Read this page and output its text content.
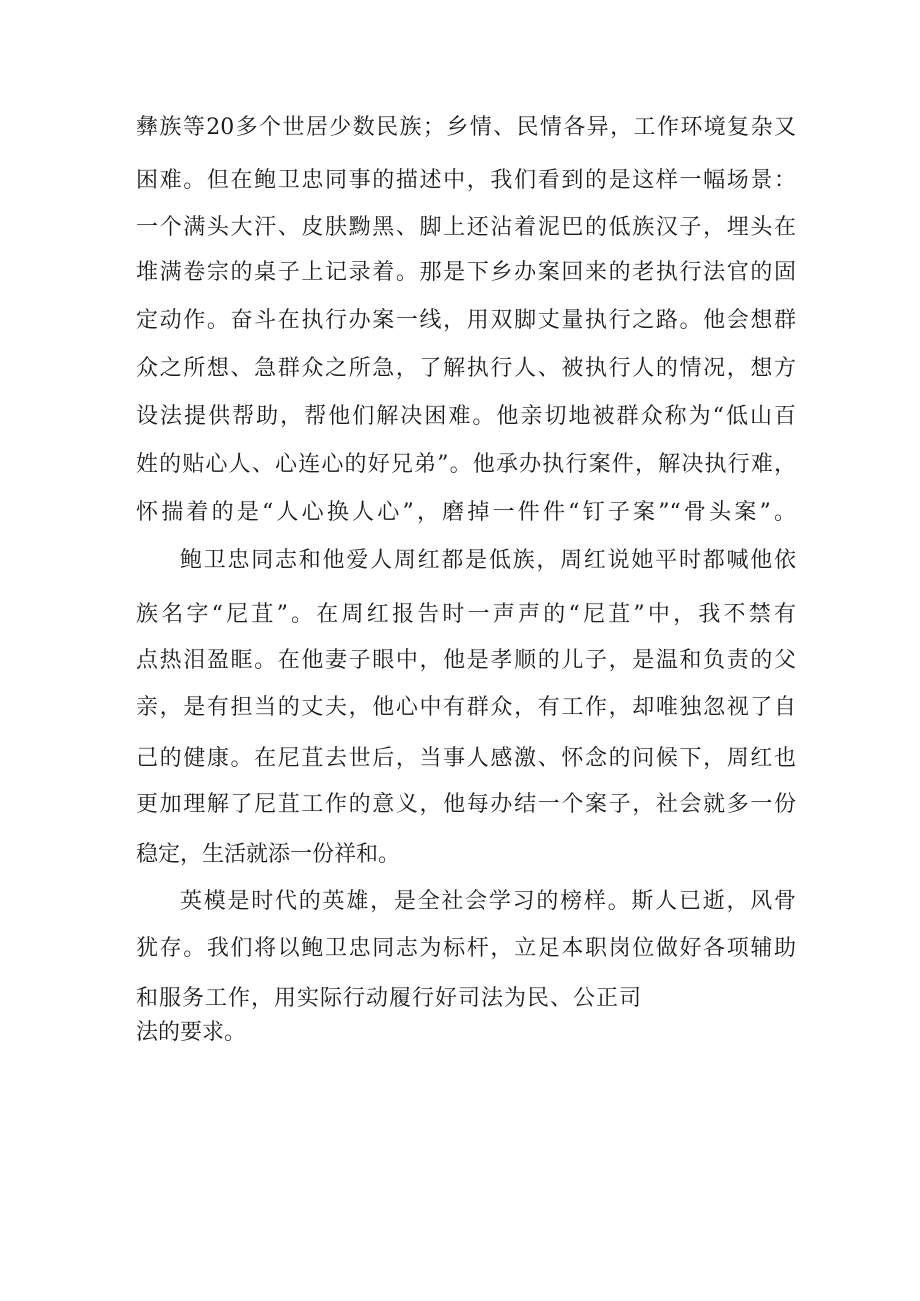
彝族等20多个世居少数民族；乡情、民情各异，工作环境复杂又
困难。但在鲍卫忠同事的描述中，我们看到的是这样一幅场景：
一个满头大汗、皮肤黝黑、脚上还沾着泥巴的低族汉子，埋头在
堆满卷宗的桌子上记录着。那是下乡办案回来的老执行法官的固
定动作。奋斗在执行办案一线，用双脚丈量执行之路。他会想群
众之所想、急群众之所急，了解执行人、被执行人的情况，想方
设法提供帮助，帮他们解决困难。他亲切地被群众称为“低山百
姓的贴心人、心连心的好兄弟”。他承办执行案件，解决执行难，
怀揣着的是“人心换人心”，磨掉一件件“钉子案”“骨头案”。
鲍卫忠同志和他爱人周红都是低族，周红说她平时都喊他依
族名字“尼苴”。在周红报告时一声声的“尼苴”中，我不禁有
点热泪盈眶。在他妻子眼中，他是孝顺的儿子，是温和负责的父
亲，是有担当的丈夫，他心中有群众，有工作，却唯独忽视了自
己的健康。在尼苴去世后，当事人感激、怀念的问候下，周红也
更加理解了尼苴工作的意义，他每办结一个案子，社会就多一份
稳定，生活就添一份祥和。
英模是时代的英雄，是全社会学习的榜样。斯人已逝，风骨
犹存。我们将以鲍卫忠同志为标杆，立足本职岗位做好各项辅助
和服务工作，用实际行动履行好司法为民、公正司
法的要求。
